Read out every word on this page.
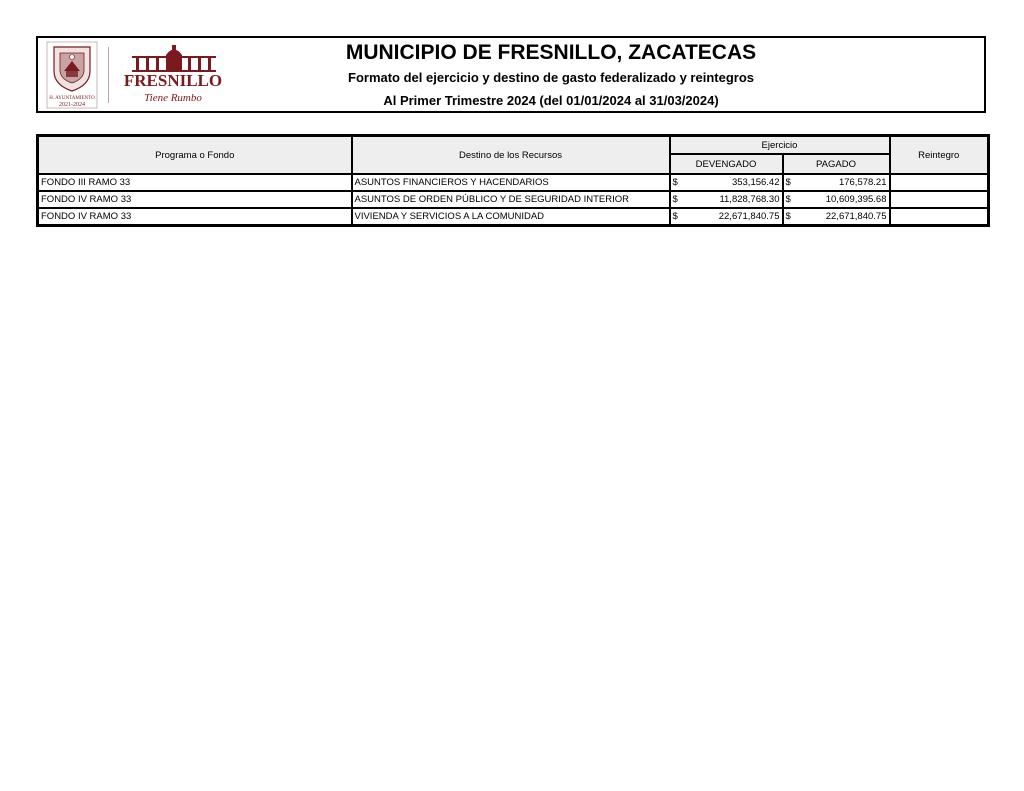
H. AYUNTAMIENTO
2021-2024
FRESNILLO
Tiene Rumbo
MUNICIPIO DE FRESNILLO, ZACATECAS
Formato del ejercicio y destino de gasto federalizado y reintegros
Al Primer Trimestre 2024 (del 01/01/2024 al 31/03/2024)
Programa o Fondo	Destino de los Recursos	Ejercicio		Reintegro
		DEVENGADO	PAGADO	
FONDO III RAMO 33	ASUNTOS FINANCIEROS Y HACENDARIOS	$ 353,156.42	$ 176,578.21	

FONDO IV RAMO 33	ASUNTOS DE ORDEN PÚBLICO Y DE SEGURIDAD INTERIOR	$ 11,828,768.30	$ 10,609,395.68	

FONDO IV RAMO 33	VIVIENDA Y SERVICIOS A LA COMUNIDAD	$ 22,671,840.75	$ 22,671,840.75	
